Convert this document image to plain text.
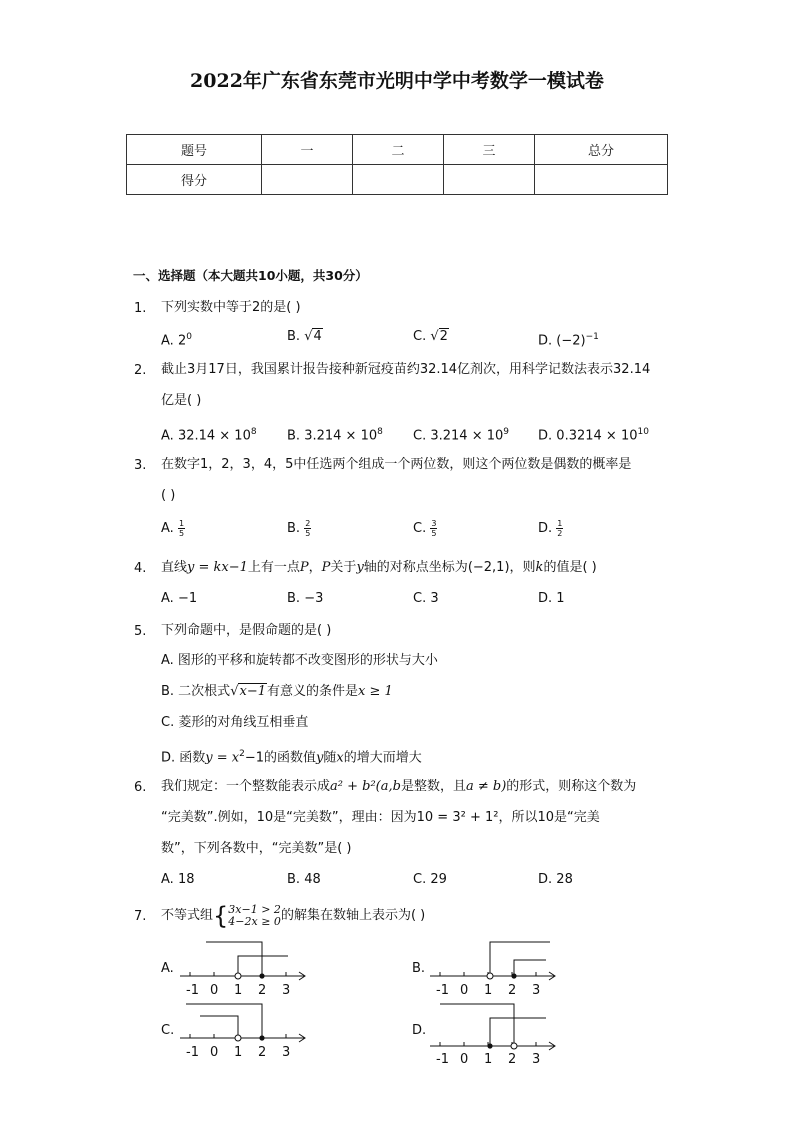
2022年广东省东莞市光明中学中考数学一模试卷
题号	一	二	三	总分
得分				
一、选择题（本大题共10小题，共30分）
1.	下列实数中等于2的是( )
A. $2^0$	B. √4	C. √2	D. $(-2)^{-1}$
2.	截止3月17日，我国累计报告接种新冠疫苗约32.14亿剂次，用科学记数法表示32.14
亿是( )
A. $32.14 \times 10^8$ B. $3.214 \times 10^8$ C. $3.214 \times 10^9$ D. $0.3214 \times 10^{10}$
3.	在数字1，2，3，4，5中任选两个组成一个两位数，则这个两位数是偶数的概率是
( )
A. $\frac{1}{5}$	B. $\frac{2}{5}$	C. $\frac{3}{5}$	D. $\frac{1}{2}$
4.	直线y = kx−1上有一点P，P关于y轴的对称点坐标为(−2,1)，则k的值是( )
A. −1	B. −3	C. 3	D. 1
5.	下列命题中，是假命题的是( )
A. 图形的平移和旋转都不改变图形的形状与大小
B. 二次根式√x−1有意义的条件是x ≥ 1
C. 菱形的对角线互相垂直
D. 函数$y = x^2-1$的函数值y随x的增大而增大
6.	我们规定：一个整数能表示成a² + b²(a,b是整数，且a ≠ b)的形式，则称这个数为
“完美数”.例如，10是“完美数”，理由：因为10 = 3² + 1²，所以10是“完美
数”，下列各数中，“完美数”是( )
A. 18	B. 48	C. 29	D. 28
7.	不等式组{ 3x−1 > 2
4−2x ≥ 0 的解集在数轴上表示为( )
A.	B.
C.	D.
-1 0 1 2 3	-1 0 1 2 3
-1 0 1 2 3	-1 0 1 2 3
